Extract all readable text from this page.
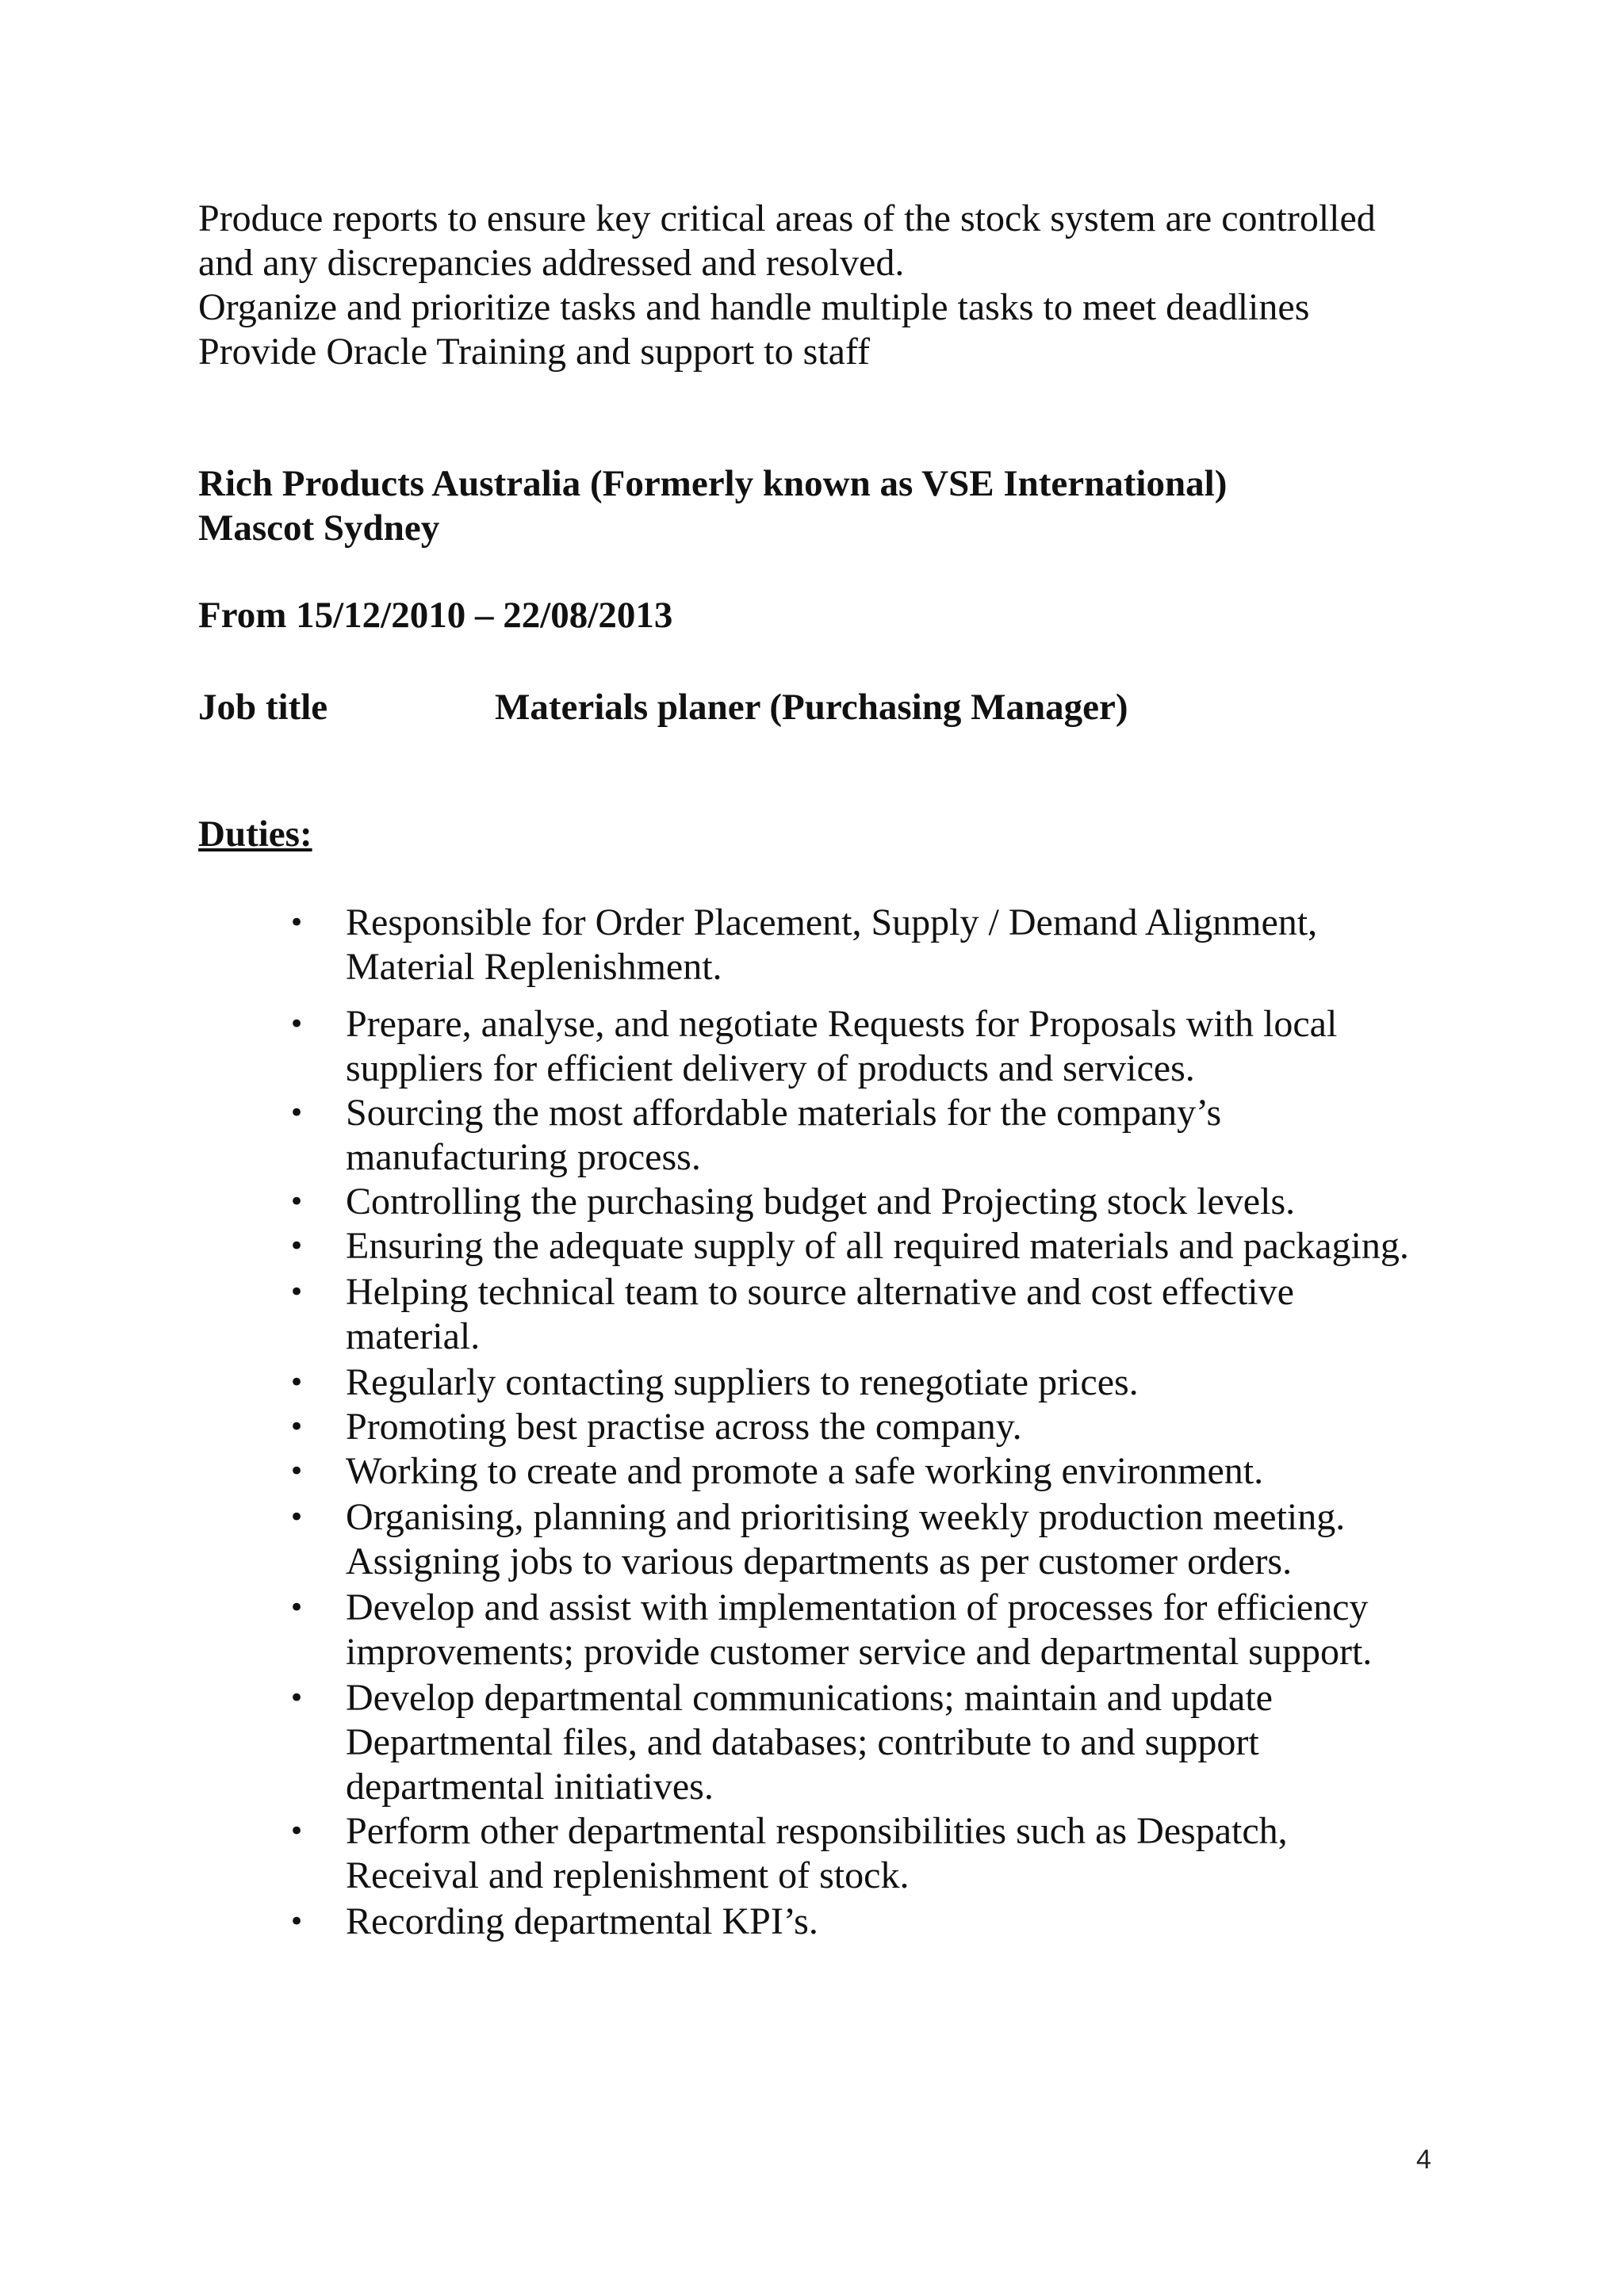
Produce reports to ensure key critical areas of the stock system are controlled
and any discrepancies addressed and resolved.
Organize and prioritize tasks and handle multiple tasks to meet deadlines
Provide Oracle Training and support to staff
Rich Products Australia (Formerly known as VSE International)
Mascot Sydney
From 15/12/2010 – 22/08/2013
Job title	Materials planer (Purchasing Manager)
Duties:
•	Responsible for Order Placement, Supply / Demand Alignment,
Material Replenishment.
•	Prepare, analyse, and negotiate Requests for Proposals with local
suppliers for efficient delivery of products and services.
•	Sourcing the most affordable materials for the company’s
manufacturing process.
•	Controlling the purchasing budget and Projecting stock levels.
•	Ensuring the adequate supply of all required materials and packaging.
•	Helping technical team to source alternative and cost effective
material.
•	Regularly contacting suppliers to renegotiate prices.
•	Promoting best practise across the company.
•	Working to create and promote a safe working environment.
•	Organising, planning and prioritising weekly production meeting.
Assigning jobs to various departments as per customer orders.
•	Develop and assist with implementation of processes for efficiency
improvements; provide customer service and departmental support.
•	Develop departmental communications; maintain and update
Departmental files, and databases; contribute to and support
departmental initiatives.
•	Perform other departmental responsibilities such as Despatch,
Receival and replenishment of stock.
•	Recording departmental KPI’s.
4
